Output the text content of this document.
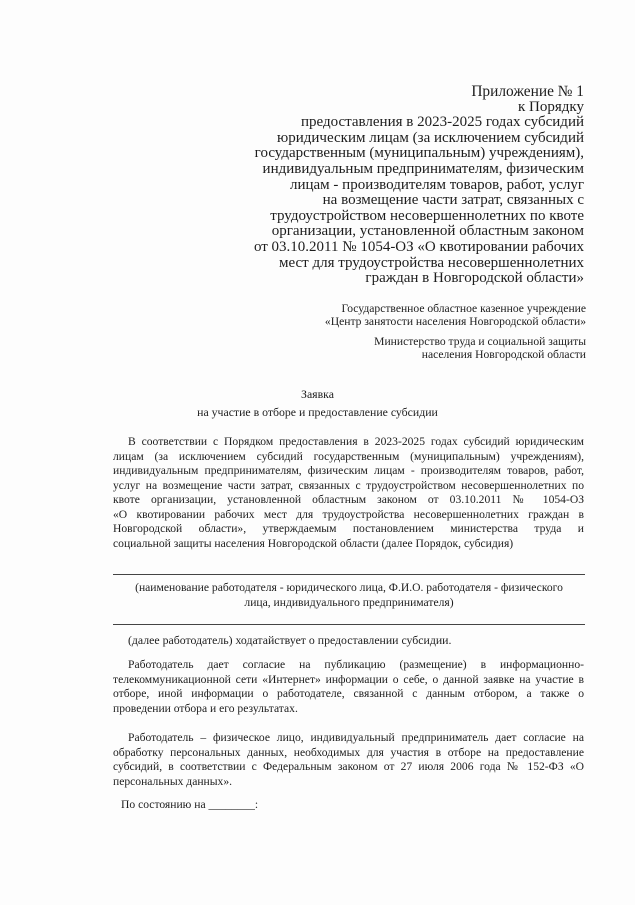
Приложение № 1
к Порядку
предоставления в 2023-2025 годах субсидий
юридическим лицам (за исключением субсидий
государственным (муниципальным) учреждениям),
индивидуальным предпринимателям, физическим
лицам - производителям товаров, работ, услуг
на возмещение части затрат, связанных с
трудоустройством несовершеннолетних по квоте
организации, установленной областным законом
от 03.10.2011 № 1054-ОЗ «О квотировании рабочих
мест для трудоустройства несовершеннолетних
граждан в Новгородской области»
Государственное областное казенное учреждение
«Центр занятости населения Новгородской области»
Министерство труда и социальной защиты
населения Новгородской области
Заявка
на участие в отборе и предоставление субсидии
В соответствии с Порядком предоставления в 2023-2025 годах субсидий юридическим
лицам (за исключением субсидий государственным (муниципальным) учреждениям),
индивидуальным предпринимателям, физическим лицам - производителям товаров, работ,
услуг на возмещение части затрат, связанных с трудоустройством несовершеннолетних по
квоте организации, установленной областным законом от 03.10.2011 № 1054-ОЗ
«О квотировании рабочих мест для трудоустройства несовершеннолетних граждан в
Новгородской области», утверждаемым постановлением министерства труда и
социальной защиты населения Новгородской области (далее Порядок, субсидия)
(наименование работодателя - юридического лица, Ф.И.О. работодателя - физического
лица, индивидуального предпринимателя)
(далее работодатель) ходатайствует о предоставлении субсидии.
Работодатель дает согласие на публикацию (размещение) в информационно-
телекоммуникационной сети «Интернет» информации о себе, о данной заявке на участие в
отборе, иной информации о работодателе, связанной с данным отбором, а также о
проведении отбора и его результатах.
Работодатель – физическое лицо, индивидуальный предприниматель дает согласие на
обработку персональных данных, необходимых для участия в отборе на предоставление
субсидий, в соответствии с Федеральным законом от 27 июля 2006 года № 152-ФЗ «О
персональных данных».
По состоянию на ________:
